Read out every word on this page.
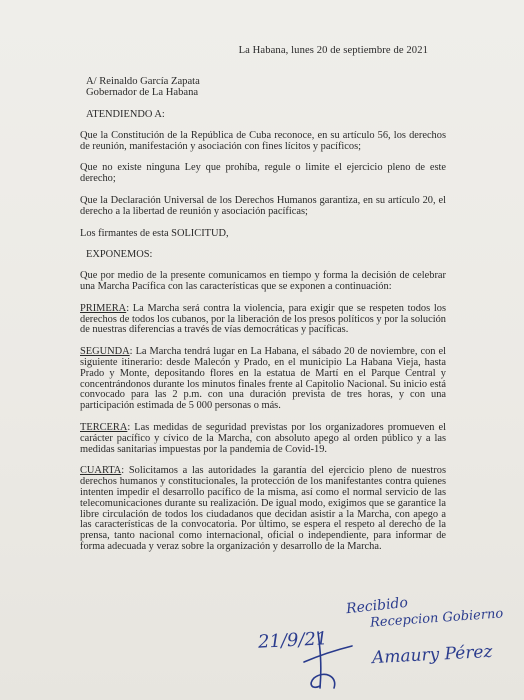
La Habana, lunes 20 de septiembre de 2021
A/ Reinaldo García Zapata
Gobernador de La Habana

ATENDIENDO A:

Que la Constitución de la República de Cuba reconoce, en su artículo 56, los derechos de reunión, manifestación y asociación con fines lícitos y pacíficos;

Que no existe ninguna Ley que prohíba, regule o limite el ejercicio pleno de este derecho;

Que la Declaración Universal de los Derechos Humanos garantiza, en su artículo 20, el derecho a la libertad de reunión y asociación pacíficas;

Los firmantes de esta SOLICITUD,

EXPONEMOS:

Que por medio de la presente comunicamos en tiempo y forma la decisión de celebrar una Marcha Pacífica con las características que se exponen a continuación:

PRIMERA: La Marcha será contra la violencia, para exigir que se respeten todos los derechos de todos los cubanos, por la liberación de los presos políticos y por la solución de nuestras diferencias a través de vías democráticas y pacíficas.

SEGUNDA: La Marcha tendrá lugar en La Habana, el sábado 20 de noviembre, con el siguiente itinerario: desde Malecón y Prado, en el municipio La Habana Vieja, hasta Prado y Monte, depositando flores en la estatua de Martí en el Parque Central y concentrándonos durante los minutos finales frente al Capitolio Nacional. Su inicio está convocado para las 2 p.m. con una duración prevista de tres horas, y con una participación estimada de 5 000 personas o más.

TERCERA: Las medidas de seguridad previstas por los organizadores promueven el carácter pacífico y cívico de la Marcha, con absoluto apego al orden público y a las medidas sanitarias impuestas por la pandemia de Covid-19.

CUARTA: Solicitamos a las autoridades la garantía del ejercicio pleno de nuestros derechos humanos y constitucionales, la protección de los manifestantes contra quienes intenten impedir el desarrollo pacífico de la misma, así como el normal servicio de las telecomunicaciones durante su realización. De igual modo, exigimos que se garantice la libre circulación de todos los ciudadanos que decidan asistir a la Marcha, con apego a las características de la convocatoria. Por último, se espera el respeto al derecho de la prensa, tanto nacional como internacional, oficial o independiente, para informar de forma adecuada y veraz sobre la organización y desarrollo de la Marcha.

Recibido
Recepcion Gobierno
21/9/21
Amaury Pérez
